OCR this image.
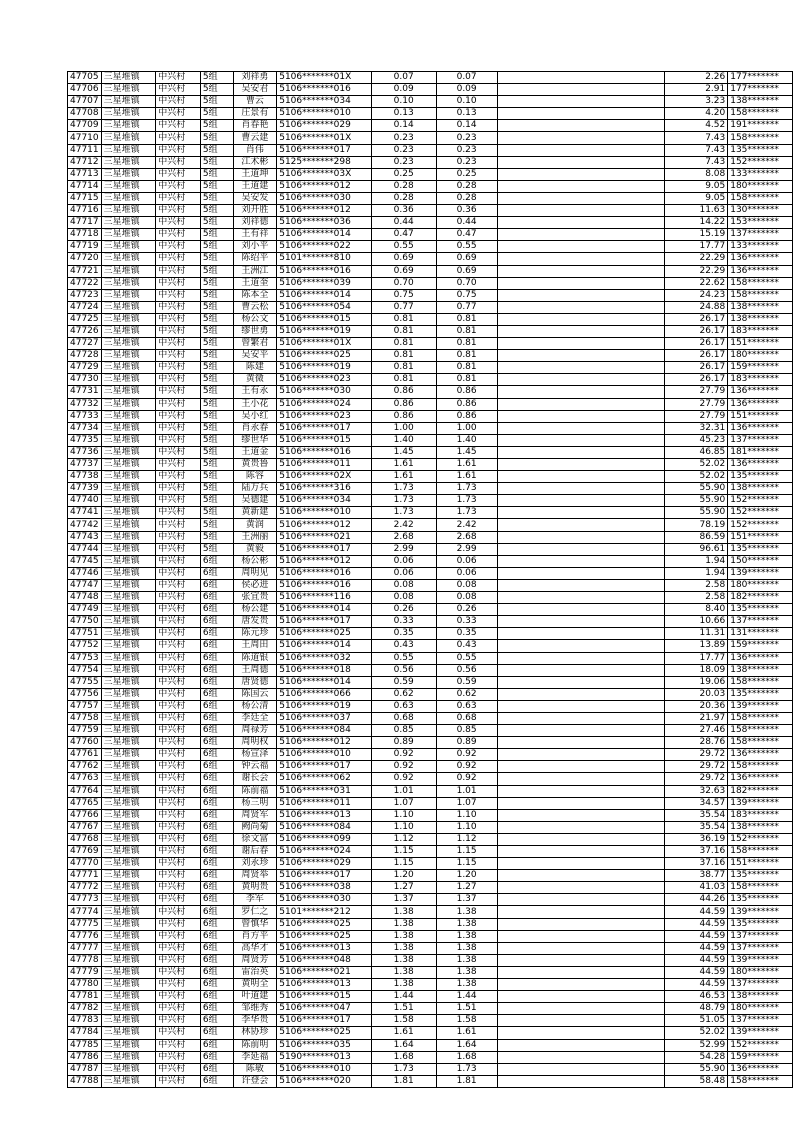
47705	三星堆镇	中兴村	5组	刘祥勇	5106*******01X	0.07	0.07		2.26	177*******
47706	三星堆镇	中兴村	5组	吴安君	5106*******016	0.09	0.09		2.91	177*******
47707	三星堆镇	中兴村	5组	曹云	5106*******034	0.10	0.10		3.23	138*******
47708	三星堆镇	中兴村	5组	庄景有	5106*******010	0.13	0.13		4.20	158*******
47709	三星堆镇	中兴村	5组	肖春艳	5106*******029	0.14	0.14		4.52	191*******
47710	三星堆镇	中兴村	5组	曹云建	5106*******01X	0.23	0.23		7.43	158*******
47711	三星堆镇	中兴村	5组	肖伟	5106*******017	0.23	0.23		7.43	135*******
47712	三星堆镇	中兴村	5组	江术彬	5125*******298	0.23	0.23		7.43	152*******
47713	三星堆镇	中兴村	5组	王道坤	5106*******03X	0.25	0.25		8.08	133*******
47714	三星堆镇	中兴村	5组	王道建	5106*******012	0.28	0.28		9.05	180*******
47715	三星堆镇	中兴村	5组	吴安发	5106*******030	0.28	0.28		9.05	158*******
47716	三星堆镇	中兴村	5组	刘开胜	5106*******012	0.36	0.36		11.63	130*******
47717	三星堆镇	中兴村	5组	刘祥德	5106*******036	0.44	0.44		14.22	153*******
47718	三星堆镇	中兴村	5组	王有祥	5106*******014	0.47	0.47		15.19	137*******
47719	三星堆镇	中兴村	5组	刘小平	5106*******022	0.55	0.55		17.77	133*******
47720	三星堆镇	中兴村	5组	陈绍平	5101*******810	0.69	0.69		22.29	136*******
47721	三星堆镇	中兴村	5组	王洲江	5106*******016	0.69	0.69		22.29	136*******
47722	三星堆镇	中兴村	5组	王道奎	5106*******039	0.70	0.70		22.62	158*******
47723	三星堆镇	中兴村	5组	陈本全	5106*******014	0.75	0.75		24.23	158*******
47724	三星堆镇	中兴村	5组	曹云松	5106*******054	0.77	0.77		24.88	138*******
47725	三星堆镇	中兴村	5组	杨公文	5106*******015	0.81	0.81		26.17	138*******
47726	三星堆镇	中兴村	5组	缪世勇	5106*******019	0.81	0.81		26.17	183*******
47727	三星堆镇	中兴村	5组	曾繁君	5106*******01X	0.81	0.81		26.17	151*******
47728	三星堆镇	中兴村	5组	吴安平	5106*******025	0.81	0.81		26.17	180*******
47729	三星堆镇	中兴村	5组	陈建	5106*******019	0.81	0.81		26.17	159*******
47730	三星堆镇	中兴村	5组	黄微	5106*******023	0.81	0.81		26.17	183*******
47731	三星堆镇	中兴村	5组	王有永	5106*******030	0.86	0.86		27.79	136*******
47732	三星堆镇	中兴村	5组	王小花	5106*******024	0.86	0.86		27.79	136*******
47733	三星堆镇	中兴村	5组	吴小红	5106*******023	0.86	0.86		27.79	151*******
47734	三星堆镇	中兴村	5组	肖永春	5106*******017	1.00	1.00		32.31	136*******
47735	三星堆镇	中兴村	5组	缪世华	5106*******015	1.40	1.40		45.23	137*******
47736	三星堆镇	中兴村	5组	王道金	5106*******016	1.45	1.45		46.85	181*******
47737	三星堆镇	中兴村	5组	黄贵鲁	5106*******011	1.61	1.61		52.02	136*******
47738	三星堆镇	中兴村	5组	陈容	5106*******02X	1.61	1.61		52.02	135*******
47739	三星堆镇	中兴村	5组	陆万兵	5106*******316	1.73	1.73		55.90	138*******
47740	三星堆镇	中兴村	5组	吴德建	5106*******034	1.73	1.73		55.90	152*******
47741	三星堆镇	中兴村	5组	黄新建	5106*******010	1.73	1.73		55.90	152*******
47742	三星堆镇	中兴村	5组	黄润	5106*******012	2.42	2.42		78.19	152*******
47743	三星堆镇	中兴村	5组	王洲丽	5106*******021	2.68	2.68		86.59	151*******
47744	三星堆镇	中兴村	5组	黄毅	5106*******017	2.99	2.99		96.61	135*******
47745	三星堆镇	中兴村	6组	杨公彬	5106*******012	0.06	0.06		1.94	150*******
47746	三星堆镇	中兴村	6组	周明见	5106*******016	0.06	0.06		1.94	139*******
47747	三星堆镇	中兴村	6组	侯必进	5106*******016	0.08	0.08		2.58	180*******
47748	三星堆镇	中兴村	6组	张宜贵	5106*******116	0.08	0.08		2.58	182*******
47749	三星堆镇	中兴村	6组	杨公建	5106*******014	0.26	0.26		8.40	135*******
47750	三星堆镇	中兴村	6组	唐发贵	5106*******017	0.33	0.33		10.66	137*******
47751	三星堆镇	中兴村	6组	陈元珍	5106*******025	0.35	0.35		11.31	131*******
47752	三星堆镇	中兴村	6组	王周田	5106*******014	0.43	0.43		13.89	159*******
47753	三星堆镇	中兴村	6组	陈道银	5106*******032	0.55	0.55		17.77	136*******
47754	三星堆镇	中兴村	6组	王周德	5106*******018	0.56	0.56		18.09	138*******
47755	三星堆镇	中兴村	6组	唐贤德	5106*******014	0.59	0.59		19.06	158*******
47756	三星堆镇	中兴村	6组	陈国云	5106*******066	0.62	0.62		20.03	135*******
47757	三星堆镇	中兴村	6组	杨公清	5106*******019	0.63	0.63		20.36	139*******
47758	三星堆镇	中兴村	6组	李廷全	5106*******037	0.68	0.68		21.97	158*******
47759	三星堆镇	中兴村	6组	周禄芳	5106*******084	0.85	0.85		27.46	158*******
47760	三星堆镇	中兴村	6组	周明权	5106*******012	0.89	0.89		28.76	158*******
47761	三星堆镇	中兴村	6组	杨宣泽	5106*******010	0.92	0.92		29.72	136*******
47762	三星堆镇	中兴村	6组	钟云福	5106*******017	0.92	0.92		29.72	158*******
47763	三星堆镇	中兴村	6组	谢长会	5106*******062	0.92	0.92		29.72	136*******
47764	三星堆镇	中兴村	6组	陈前福	5106*******031	1.01	1.01		32.63	182*******
47765	三星堆镇	中兴村	6组	杨三明	5106*******011	1.07	1.07		34.57	139*******
47766	三星堆镇	中兴村	6组	周贤军	5106*******013	1.10	1.10		35.54	183*******
47767	三星堆镇	中兴村	6组	阙尚菊	5106*******084	1.10	1.10		35.54	138*******
47768	三星堆镇	中兴村	6组	徐文富	5106*******099	1.12	1.12		36.19	152*******
47769	三星堆镇	中兴村	6组	谢后春	5106*******024	1.15	1.15		37.16	158*******
47770	三星堆镇	中兴村	6组	刘永珍	5106*******029	1.15	1.15		37.16	151*******
47771	三星堆镇	中兴村	6组	周贤举	5106*******017	1.20	1.20		38.77	135*******
47772	三星堆镇	中兴村	6组	黄明贵	5106*******038	1.27	1.27		41.03	158*******
47773	三星堆镇	中兴村	6组	李军	5106*******030	1.37	1.37		44.26	135*******
47774	三星堆镇	中兴村	6组	罗仁之	5101*******212	1.38	1.38		44.59	139*******
47775	三星堆镇	中兴村	6组	曾慎华	5106*******025	1.38	1.38		44.59	135*******
47776	三星堆镇	中兴村	6组	肖方平	5106*******025	1.38	1.38		44.59	137*******
47777	三星堆镇	中兴村	6组	高华才	5106*******013	1.38	1.38		44.59	137*******
47778	三星堆镇	中兴村	6组	周贤芳	5106*******048	1.38	1.38		44.59	139*******
47779	三星堆镇	中兴村	6组	雷治英	5106*******021	1.38	1.38		44.59	180*******
47780	三星堆镇	中兴村	6组	黄明全	5106*******013	1.38	1.38		44.59	137*******
47781	三星堆镇	中兴村	6组	叶道建	5106*******015	1.44	1.44		46.53	138*******
47782	三星堆镇	中兴村	6组	邹维秀	5106*******047	1.51	1.51		48.79	180*******
47783	三星堆镇	中兴村	6组	李华贵	5106*******017	1.58	1.58		51.05	137*******
47784	三星堆镇	中兴村	6组	林协珍	5106*******025	1.61	1.61		52.02	139*******
47785	三星堆镇	中兴村	6组	陈前明	5106*******035	1.64	1.64		52.99	152*******
47786	三星堆镇	中兴村	6组	李延福	5190*******013	1.68	1.68		54.28	159*******
47787	三星堆镇	中兴村	6组	陈敏	5106*******010	1.73	1.73		55.90	136*******
47788	三星堆镇	中兴村	6组	许登会	5106*******020	1.81	1.81		58.48	158*******
